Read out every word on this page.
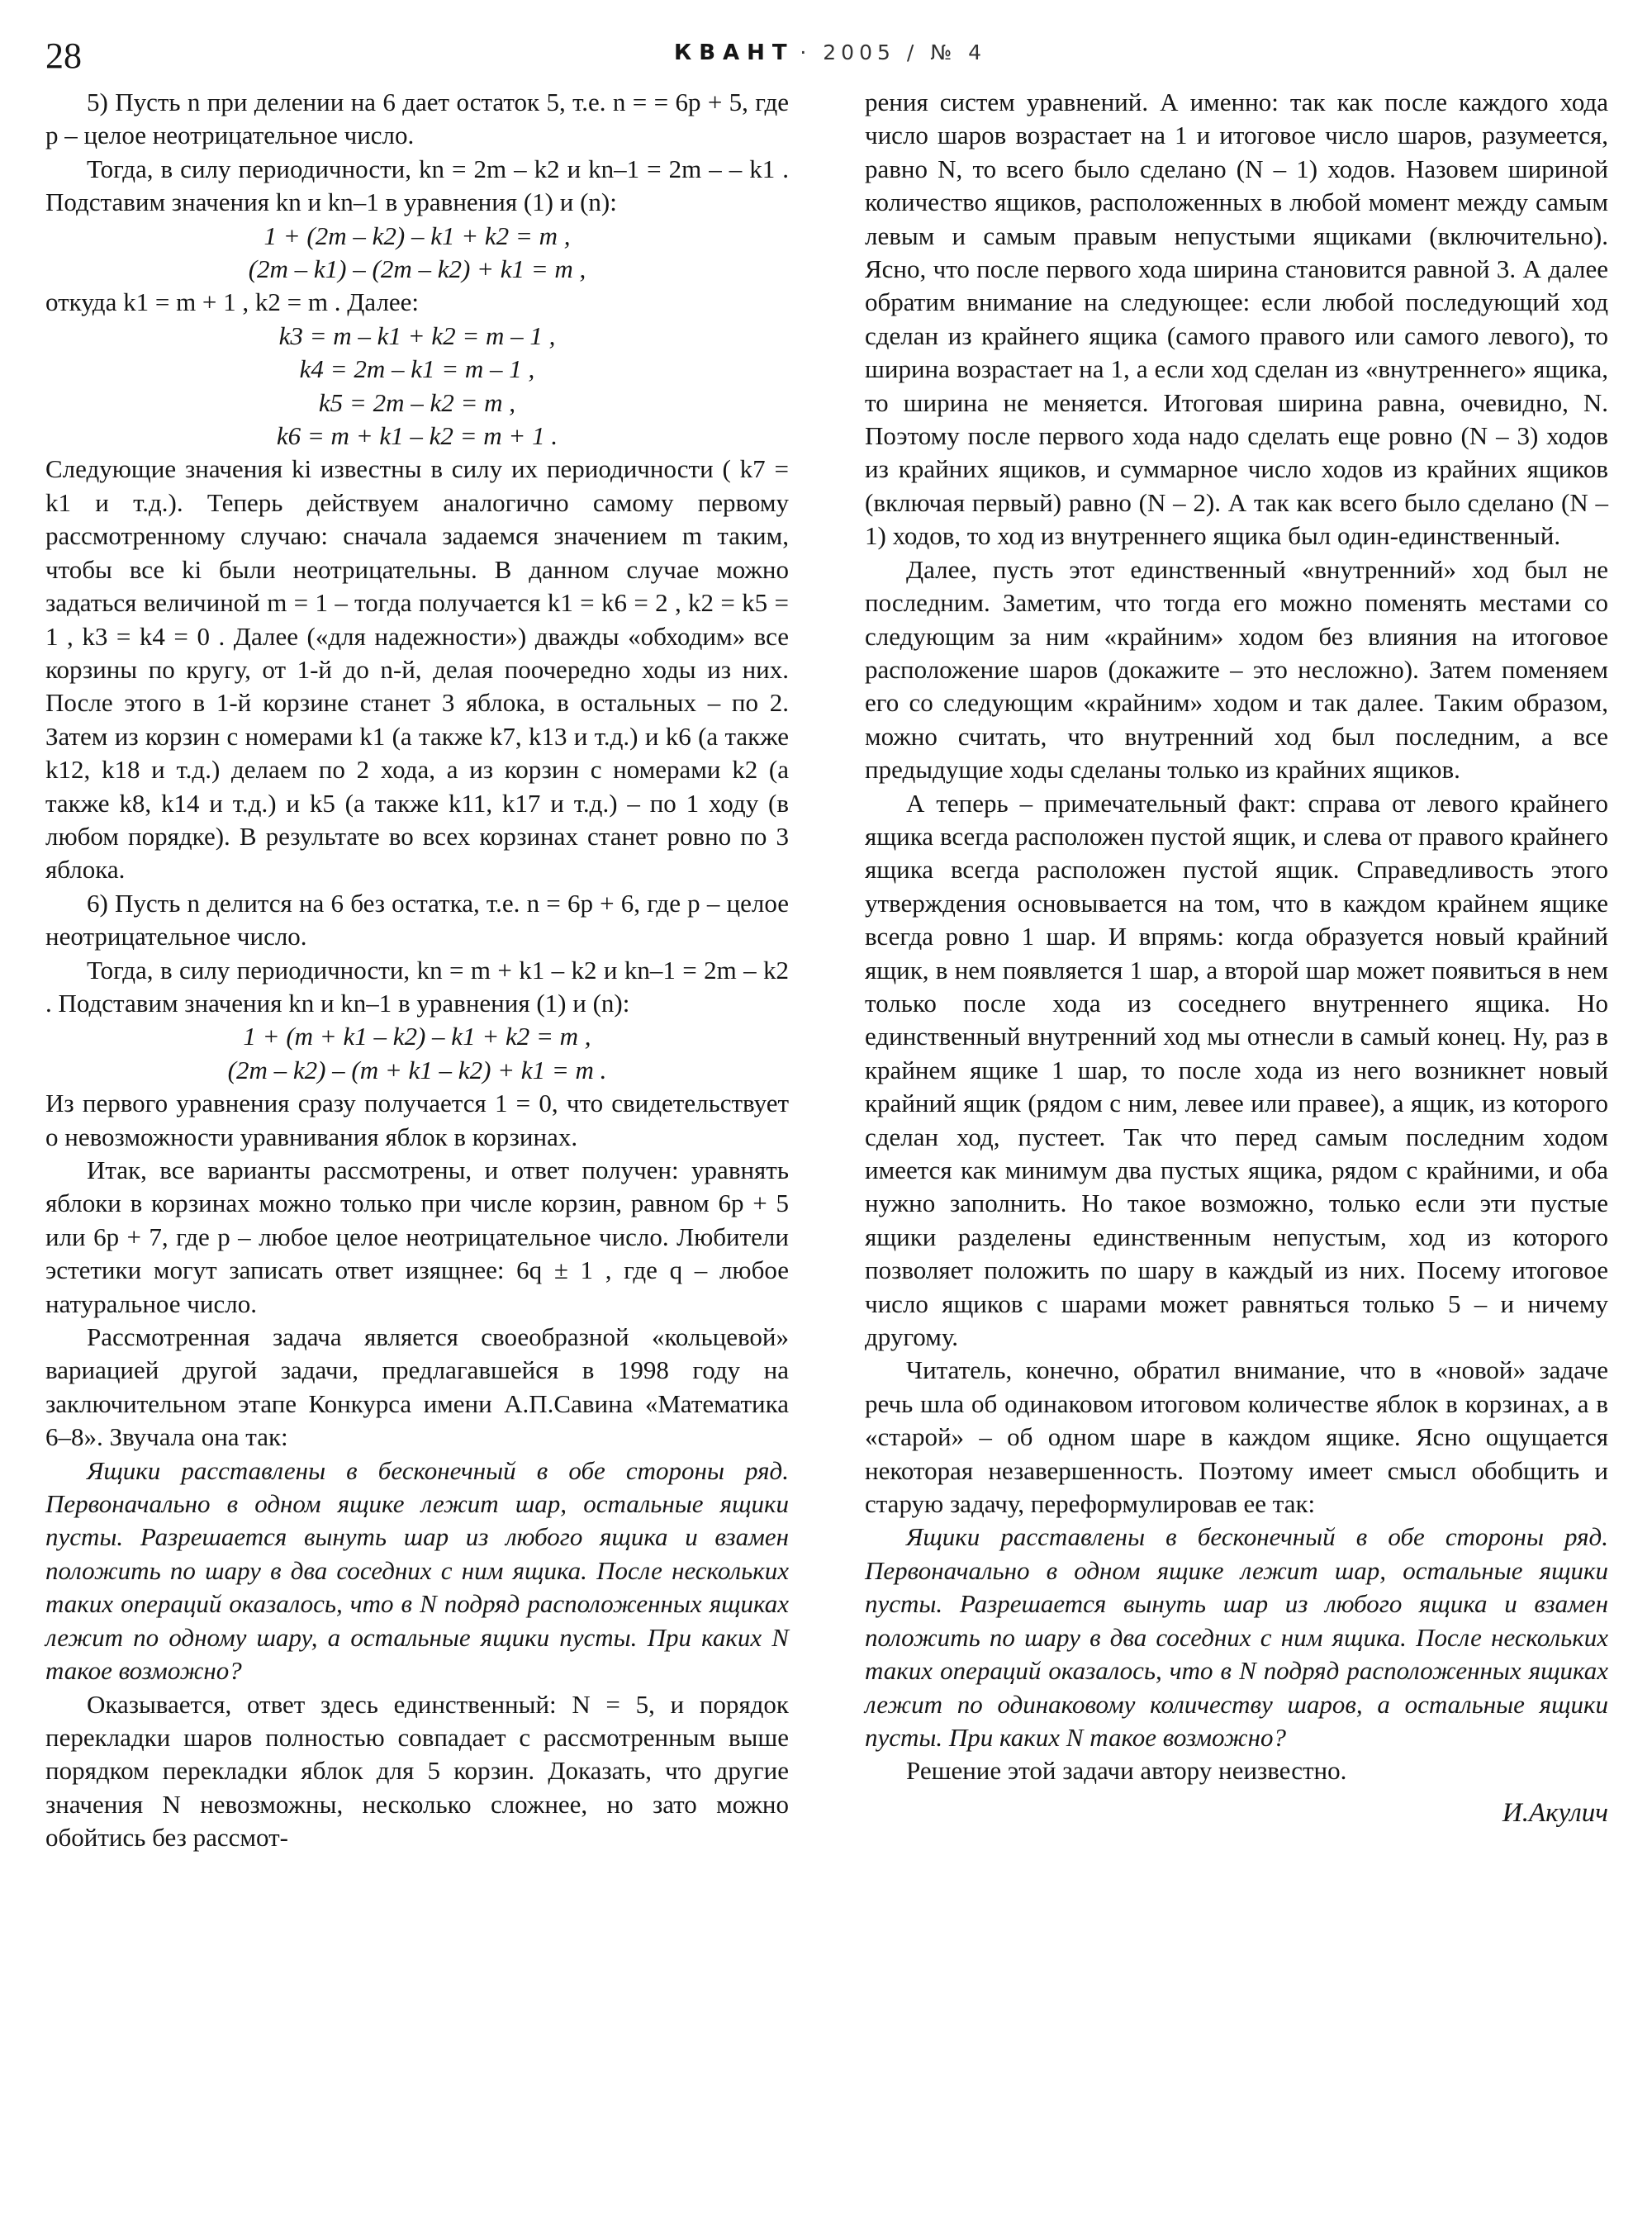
28	КВАНТ · 2005 / № 4

5) Пусть n при делении на 6 дает остаток 5, т.е. n = = 6p + 5, где p – целое неотрицательное число.

Тогда, в силу периодичности, kn = 2m – k2 и kn–1 = 2m – – k1 . Подставим значения kn и kn–1 в уравнения (1) и (n):

1 + (2m – k2) – k1 + k2 = m ,
(2m – k1) – (2m – k2) + k1 = m ,

откуда k1 = m + 1 , k2 = m . Далее:

k3 = m – k1 + k2 = m – 1 ,
k4 = 2m – k1 = m – 1 ,
k5 = 2m – k2 = m ,
k6 = m + k1 – k2 = m + 1 .

Следующие значения ki известны в силу их периодичности ( k7 = k1 и т.д.). Теперь действуем аналогично самому первому рассмотренному случаю: сначала задаемся значением m таким, чтобы все ki были неотрицательны. В данном случае можно задаться величиной m = 1 – тогда получается k1 = k6 = 2 , k2 = k5 = 1 , k3 = k4 = 0 . Далее («для надежности») дважды «обходим» все корзины по кругу, от 1-й до n-й, делая поочередно ходы из них. После этого в 1-й корзине станет 3 яблока, в остальных – по 2. Затем из корзин с номерами k1 (а также k7, k13 и т.д.) и k6 (а также k12, k18 и т.д.) делаем по 2 хода, а из корзин с номерами k2 (а также k8, k14 и т.д.) и k5 (а также k11, k17 и т.д.) – по 1 ходу (в любом порядке). В результате во всех корзинах станет ровно по 3 яблока.

6) Пусть n делится на 6 без остатка, т.е. n = 6p + 6, где p – целое неотрицательное число.

Тогда, в силу периодичности, kn = m + k1 – k2 и kn–1 = 2m – k2 . Подставим значения kn и kn–1 в уравнения (1) и (n):

1 + (m + k1 – k2) – k1 + k2 = m ,
(2m – k2) – (m + k1 – k2) + k1 = m .

Из первого уравнения сразу получается 1 = 0, что свидетельствует о невозможности уравнивания яблок в корзинах.

Итак, все варианты рассмотрены, и ответ получен: уравнять яблоки в корзинах можно только при числе корзин, равном 6p + 5 или 6p + 7, где p – любое целое неотрицательное число. Любители эстетики могут записать ответ изящнее: 6q ± 1 , где q – любое натуральное число.

Рассмотренная задача является своеобразной «кольцевой» вариацией другой задачи, предлагавшейся в 1998 году на заключительном этапе Конкурса имени А.П.Савина «Математика 6–8». Звучала она так:

Ящики расставлены в бесконечный в обе стороны ряд. Первоначально в одном ящике лежит шар, остальные ящики пусты. Разрешается вынуть шар из любого ящика и взамен положить по шару в два соседних с ним ящика. После нескольких таких операций оказалось, что в N подряд расположенных ящиках лежит по одному шару, а остальные ящики пусты. При каких N такое возможно?

Оказывается, ответ здесь единственный: N = 5, и порядок перекладки шаров полностью совпадает с рассмотренным выше порядком перекладки яблок для 5 корзин. Доказать, что другие значения N невозможны, несколько сложнее, но зато можно обойтись без рассмот-

рения систем уравнений. А именно: так как после каждого хода число шаров возрастает на 1 и итоговое число шаров, разумеется, равно N, то всего было сделано (N – 1) ходов. Назовем шириной количество ящиков, расположенных в любой момент между самым левым и самым правым непустыми ящиками (включительно). Ясно, что после первого хода ширина становится равной 3. А далее обратим внимание на следующее: если любой последующий ход сделан из крайнего ящика (самого правого или самого левого), то ширина возрастает на 1, а если ход сделан из «внутреннего» ящика, то ширина не меняется. Итоговая ширина равна, очевидно, N. Поэтому после первого хода надо сделать еще ровно (N – 3) ходов из крайних ящиков, и суммарное число ходов из крайних ящиков (включая первый) равно (N – 2). А так как всего было сделано (N – 1) ходов, то ход из внутреннего ящика был один-единственный.

Далее, пусть этот единственный «внутренний» ход был не последним. Заметим, что тогда его можно поменять местами со следующим за ним «крайним» ходом без влияния на итоговое расположение шаров (докажите – это несложно). Затем поменяем его со следующим «крайним» ходом и так далее. Таким образом, можно считать, что внутренний ход был последним, а все предыдущие ходы сделаны только из крайних ящиков.

А теперь – примечательный факт: справа от левого крайнего ящика всегда расположен пустой ящик, и слева от правого крайнего ящика всегда расположен пустой ящик. Справедливость этого утверждения основывается на том, что в каждом крайнем ящике всегда ровно 1 шар. И впрямь: когда образуется новый крайний ящик, в нем появляется 1 шар, а второй шар может появиться в нем только после хода из соседнего внутреннего ящика. Но единственный внутренний ход мы отнесли в самый конец. Ну, раз в крайнем ящике 1 шар, то после хода из него возникнет новый крайний ящик (рядом с ним, левее или правее), а ящик, из которого сделан ход, пустеет. Так что перед самым последним ходом имеется как минимум два пустых ящика, рядом с крайними, и оба нужно заполнить. Но такое возможно, только если эти пустые ящики разделены единственным непустым, ход из которого позволяет положить по шару в каждый из них. Посему итоговое число ящиков с шарами может равняться только 5 – и ничему другому.

Читатель, конечно, обратил внимание, что в «новой» задаче речь шла об одинаковом итоговом количестве яблок в корзинах, а в «старой» – об одном шаре в каждом ящике. Ясно ощущается некоторая незавершенность. Поэтому имеет смысл обобщить и старую задачу, переформулировав ее так:

Ящики расставлены в бесконечный в обе стороны ряд. Первоначально в одном ящике лежит шар, остальные ящики пусты. Разрешается вынуть шар из любого ящика и взамен положить по шару в два соседних с ним ящика. После нескольких таких операций оказалось, что в N подряд расположенных ящиках лежит по одинаковому количеству шаров, а остальные ящики пусты. При каких N такое возможно?

Решение этой задачи автору неизвестно.

И.Акулич
